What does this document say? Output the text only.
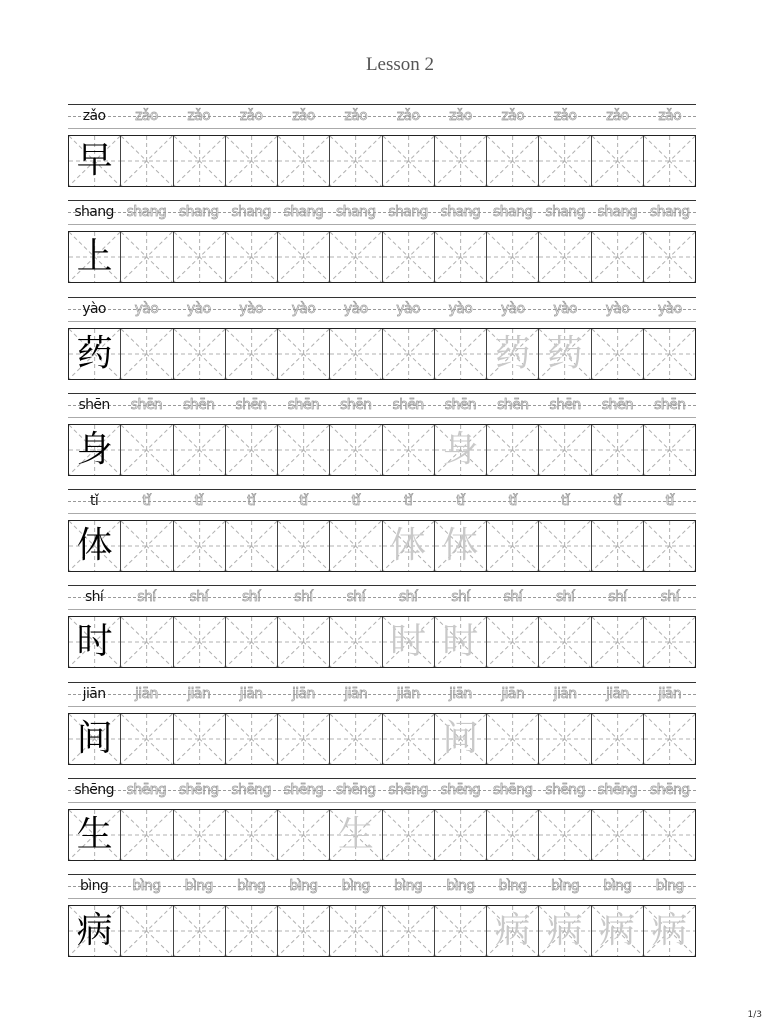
Lesson 2
zǎo	zǎo	zǎo	zǎo	zǎo	zǎo	zǎo	zǎo	zǎo	zǎo	zǎo	zǎo
早
shang shang shang shang shang shang shang shang shang shang shang shang
上
yào	yào	yào	yào	yào	yào	yào	yào	yào	yào	yào	yào
药	药 药
shēn	shēn	shēn	shēn	shēn	shēn	shēn	shēn	shēn	shēn	shēn	shēn
身	身
tǐ	tǐ	tǐ	tǐ	tǐ	tǐ	tǐ	tǐ	tǐ	tǐ	tǐ	tǐ
体	体 体
shí	shí	shí	shí	shí	shí	shí	shí	shí	shí	shí	shí
时	时 时
jiān	jiān	jiān	jiān	jiān	jiān	jiān	jiān	jiān	jiān	jiān	jiān
间	间
shēng shēng shēng shēng shēng shēng shēng shēng shēng shēng shēng shēng
生	生
bìng	bìng	bìng	bìng	bìng	bìng	bìng	bìng	bìng	bìng	bìng	bìng
病	病 病 病 病
1/3
